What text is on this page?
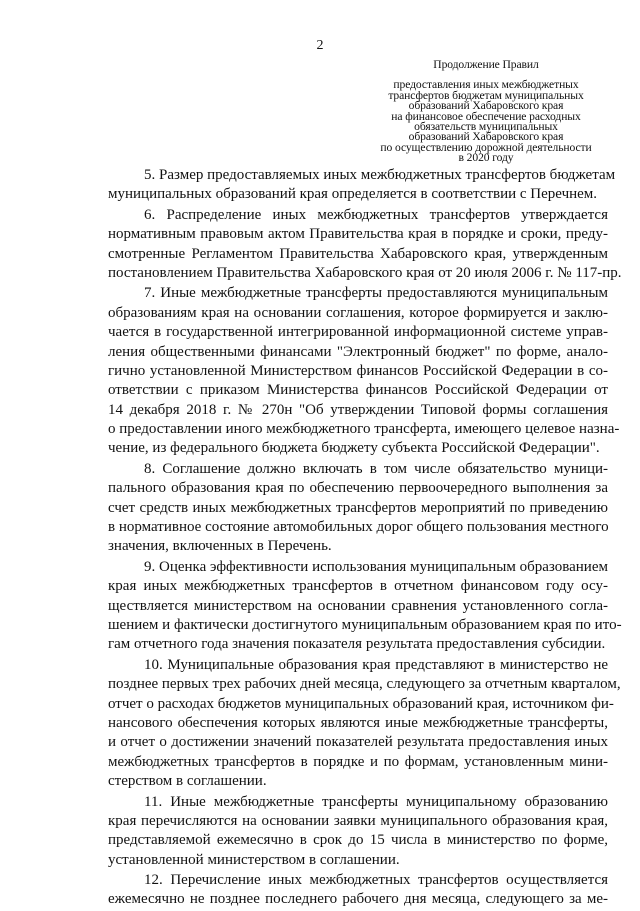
2
Продолжение Правил
предоставления иных межбюджетных
трансфертов бюджетам муниципальных
образований Хабаровского края
на финансовое обеспечение расходных
обязательств муниципальных
образований Хабаровского края
по осуществлению дорожной деятельности
в 2020 году
5. Размер предоставляемых иных межбюджетных трансфертов бюджетам
муниципальных образований края определяется в соответствии с Перечнем.
6. Распределение иных межбюджетных трансфертов утверждается
нормативным правовым актом Правительства края в порядке и сроки, преду-
смотренные Регламентом Правительства Хабаровского края, утвержденным
постановлением Правительства Хабаровского края от 20 июля 2006 г. № 117-пр.
7. Иные межбюджетные трансферты предоставляются муниципальным
образованиям края на основании соглашения, которое формируется и заклю-
чается в государственной интегрированной информационной системе управ-
ления общественными финансами "Электронный бюджет" по форме, анало-
гично установленной Министерством финансов Российской Федерации в со-
ответствии с приказом Министерства финансов Российской Федерации от
14 декабря 2018 г. № 270н "Об утверждении Типовой формы соглашения
о предоставлении иного межбюджетного трансферта, имеющего целевое назна-
чение, из федерального бюджета бюджету субъекта Российской Федерации".
8. Соглашение должно включать в том числе обязательство муници-
пального образования края по обеспечению первоочередного выполнения за
счет средств иных межбюджетных трансфертов мероприятий по приведению
в нормативное состояние автомобильных дорог общего пользования местного
значения, включенных в Перечень.
9. Оценка эффективности использования муниципальным образованием
края иных межбюджетных трансфертов в отчетном финансовом году осу-
ществляется министерством на основании сравнения установленного согла-
шением и фактически достигнутого муниципальным образованием края по ито-
гам отчетного года значения показателя результата предоставления субсидии.
10. Муниципальные образования края представляют в министерство не
позднее первых трех рабочих дней месяца, следующего за отчетным кварталом,
отчет о расходах бюджетов муниципальных образований края, источником фи-
нансового обеспечения которых являются иные межбюджетные трансферты,
и отчет о достижении значений показателей результата предоставления иных
межбюджетных трансфертов в порядке и по формам, установленным мини-
стерством в соглашении.
11. Иные межбюджетные трансферты муниципальному образованию
края перечисляются на основании заявки муниципального образования края,
представляемой ежемесячно в срок до 15 числа в министерство по форме,
установленной министерством в соглашении.
12. Перечисление иных межбюджетных трансфертов осуществляется
ежемесячно не позднее последнего рабочего дня месяца, следующего за ме-
